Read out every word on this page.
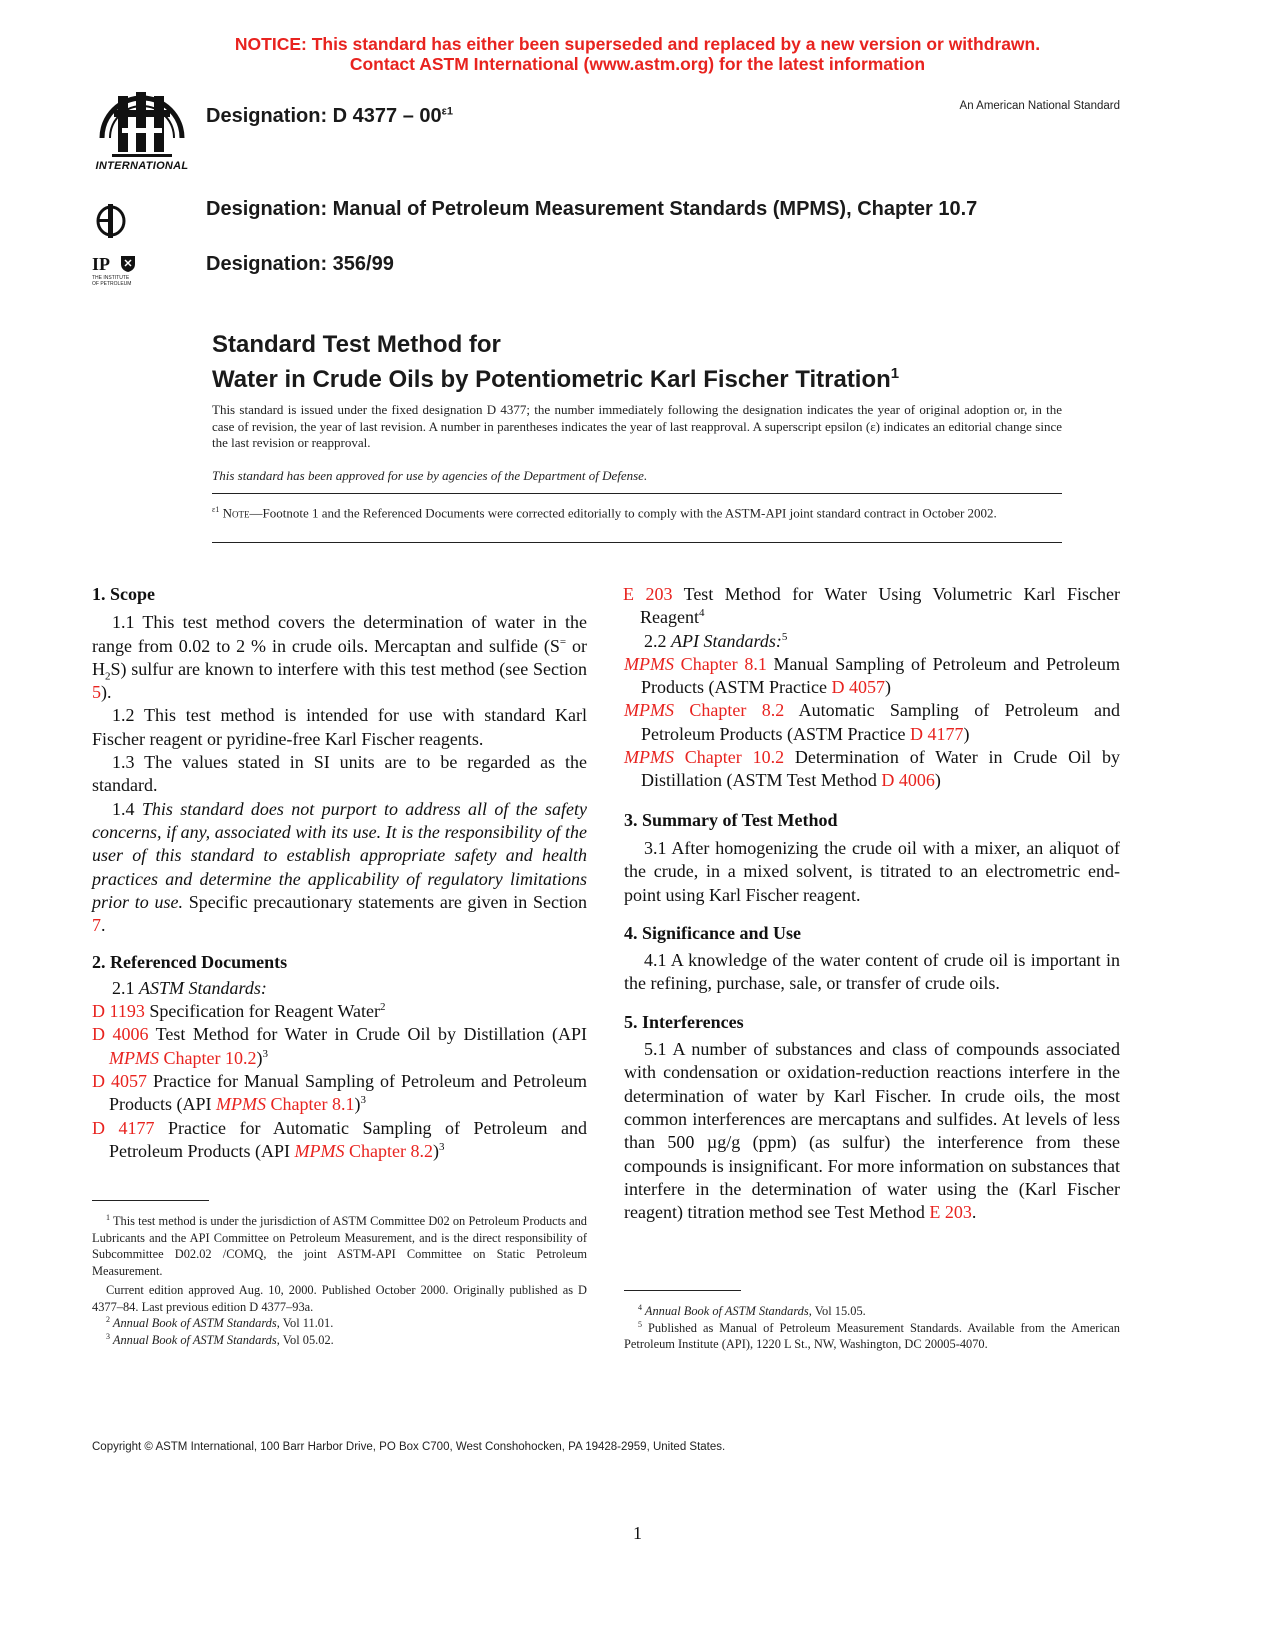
NOTICE: This standard has either been superseded and replaced by a new version or withdrawn.
Contact ASTM International (www.astm.org) for the latest information
INTERNATIONAL
IP
THE INSTITUTE
OF PETROLEUM
Designation: D $4377 - 00^{\varepsilon 1}$	An American National Standard
Designation: Manual of Petroleum Measurement Standards (MPMS), Chapter 10.7
Designation: 356/99
Standard Test Method for
Water in Crude Oils by Potentiometric Karl Fischer Titration$^1$
This standard is issued under the fixed designation D 4377; the number immediately following the designation indicates the year of original adoption or, in the case of revision, the year of last revision. A number in parentheses indicates the year of last reapproval. A superscript epsilon (ε) indicates an editorial change since the last revision or reapproval.
This standard has been approved for use by agencies of the Department of Defense.
$^{\varepsilon 1}$ Note—Footnote 1 and the Referenced Documents were corrected editorially to comply with the ASTM-API joint standard contract in October 2002.
1. Scope

1.1 This test method covers the determination of water in the range from 0.02 to 2 % in crude oils. Mercaptan and sulfide (S= or $H_2S$) sulfur are known to interfere with this test method (see Section 5).

1.2 This test method is intended for use with standard Karl Fischer reagent or pyridine-free Karl Fischer reagents.

1.3 The values stated in SI units are to be regarded as the standard.

1.4 This standard does not purport to address all of the safety concerns, if any, associated with its use. It is the responsibility of the user of this standard to establish appropriate safety and health practices and determine the applicability of regulatory limitations prior to use. Specific precautionary statements are given in Section 7.

2. Referenced Documents

2.1 ASTM Standards:

D 1193 Specification for Reagent Water$^2$

D 4006 Test Method for Water in Crude Oil by Distillation (API MPMS Chapter 10.2)$^3$

D 4057 Practice for Manual Sampling of Petroleum and Petroleum Products (API MPMS Chapter 8.1)$^3$

D 4177 Practice for Automatic Sampling of Petroleum and Petroleum Products (API MPMS Chapter 8.2)$^3$

E 203 Test Method for Water Using Volumetric Karl Fischer Reagent$^4$

2.2 API Standards:$^5$

MPMS Chapter 8.1 Manual Sampling of Petroleum and Petroleum Products (ASTM Practice D 4057)

MPMS Chapter 8.2 Automatic Sampling of Petroleum and Petroleum Products (ASTM Practice D 4177)

MPMS Chapter 10.2 Determination of Water in Crude Oil by Distillation (ASTM Test Method D 4006)

3. Summary of Test Method

3.1 After homogenizing the crude oil with a mixer, an aliquot of the crude, in a mixed solvent, is titrated to an electrometric end-point using Karl Fischer reagent.

4. Significance and Use

4.1 A knowledge of the water content of crude oil is important in the refining, purchase, sale, or transfer of crude oils.

5. Interferences

5.1 A number of substances and class of compounds associated with condensation or oxidation-reduction reactions interfere in the determination of water by Karl Fischer. In crude oils, the most common interferences are mercaptans and sulfides. At levels of less than 500 µg/g (ppm) (as sulfur) the interference from these compounds is insignificant. For more information on substances that interfere in the determination of water using the (Karl Fischer reagent) titration method see Test Method E 203.

$^1$ This test method is under the jurisdiction of ASTM Committee D02 on Petroleum Products and Lubricants and the API Committee on Petroleum Measurement, and is the direct responsibility of Subcommittee D02.02 /COMQ, the joint ASTM-API Committee on Static Petroleum Measurement.

Current edition approved Aug. 10, 2000. Published October 2000. Originally published as D 4377–84. Last previous edition D 4377–93a.

$^2$ Annual Book of ASTM Standards, Vol 11.01.

$^3$ Annual Book of ASTM Standards, Vol 05.02.

$^4$ Annual Book of ASTM Standards, Vol 15.05.

$^5$ Published as Manual of Petroleum Measurement Standards. Available from the American Petroleum Institute (API), 1220 L St., NW, Washington, DC 20005-4070.

Copyright © ASTM International, 100 Barr Harbor Drive, PO Box C700, West Conshohocken, PA 19428-2959, United States.
1
